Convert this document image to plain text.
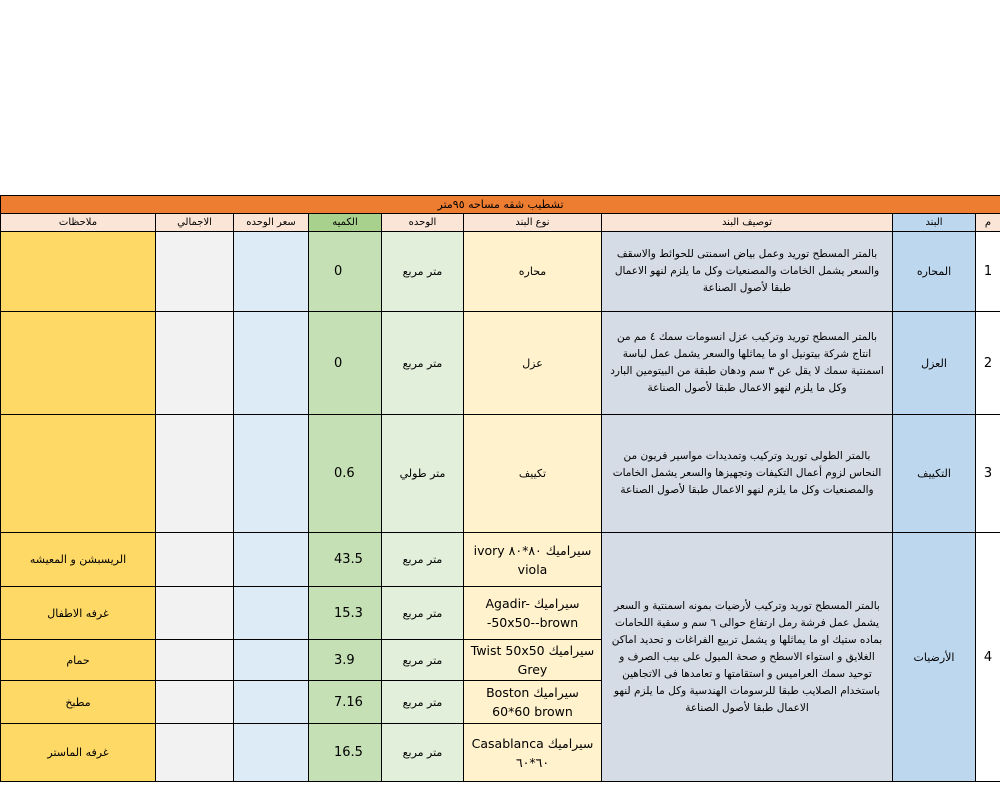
تشطيب شقه مساحه ٩٥متر								
ملاحظات	الاجمالي	سعر الوحده	الكميه	الوحده	نوع البند	توصيف البند	البند	م
			0	متر مربع	محاره	بالمتر المسطح توريد وعمل بياض اسمنتى للحوائط والاسقف والسعر يشمل الخامات والمصنعيات وكل ما يلزم لنهو الاعمال طبقا لأصول الصناعة	المحاره	1
			0	متر مربع	عزل	بالمتر المسطح توريد وتركيب عزل انسومات سمك ٤ مم من انتاج شركة بيتونيل او ما يماثلها والسعر يشمل عمل لباسة اسمنتية سمك لا يقل عن ٣ سم ودهان طبقة من البيتومين البارد وكل ما يلزم لنهو الاعمال طبقا لأصول الصناعة	العزل	2
			0.6	متر طولي	تكييف	بالمتر الطولى توريد وتركيب وتمديدات مواسير فريون من النحاس لزوم أعمال التكيفات وتجهيزها والسعر يشمل الخامات والمصنعيات وكل ما يلزم لنهو الاعمال طبقا لأصول الصناعة	التكييف	3
الريسبشن و المعيشه			43.5	متر مربع	سيراميك ٨٠*٨٠ ivory viola	بالمتر المسطح توريد وتركيب لأرضيات بمونه اسمنتية و السعر يشمل عمل فرشة رمل ارتفاع حوالى ٦ سم و سقية اللحامات بماده ستيك او ما يماثلها و يشمل تربيع الفراغات و تحديد اماكن الغلايق و استواء الاسطح و صحة الميول على بيب الصرف و توحيد سمك العراميس و استقامتها و تعامدها فى الاتجاهين باستخدام الصلايب طبقا للرسومات الهندسية وكل ما يلزم لنهو الاعمال طبقا لأصول الصناعة	الأرضيات	4
غرفه الاطفال			15.3	متر مربع	سيراميك Agadir-50x50--brown-			
حمام			3.9	متر مربع	سيراميك Twist 50x50 Grey			
مطبخ			7.16	متر مربع	سيراميك Boston 60*60 brown			
غرفه الماستر			16.5	متر مربع	سيراميك Casablanca ٦٠*٦٠			
